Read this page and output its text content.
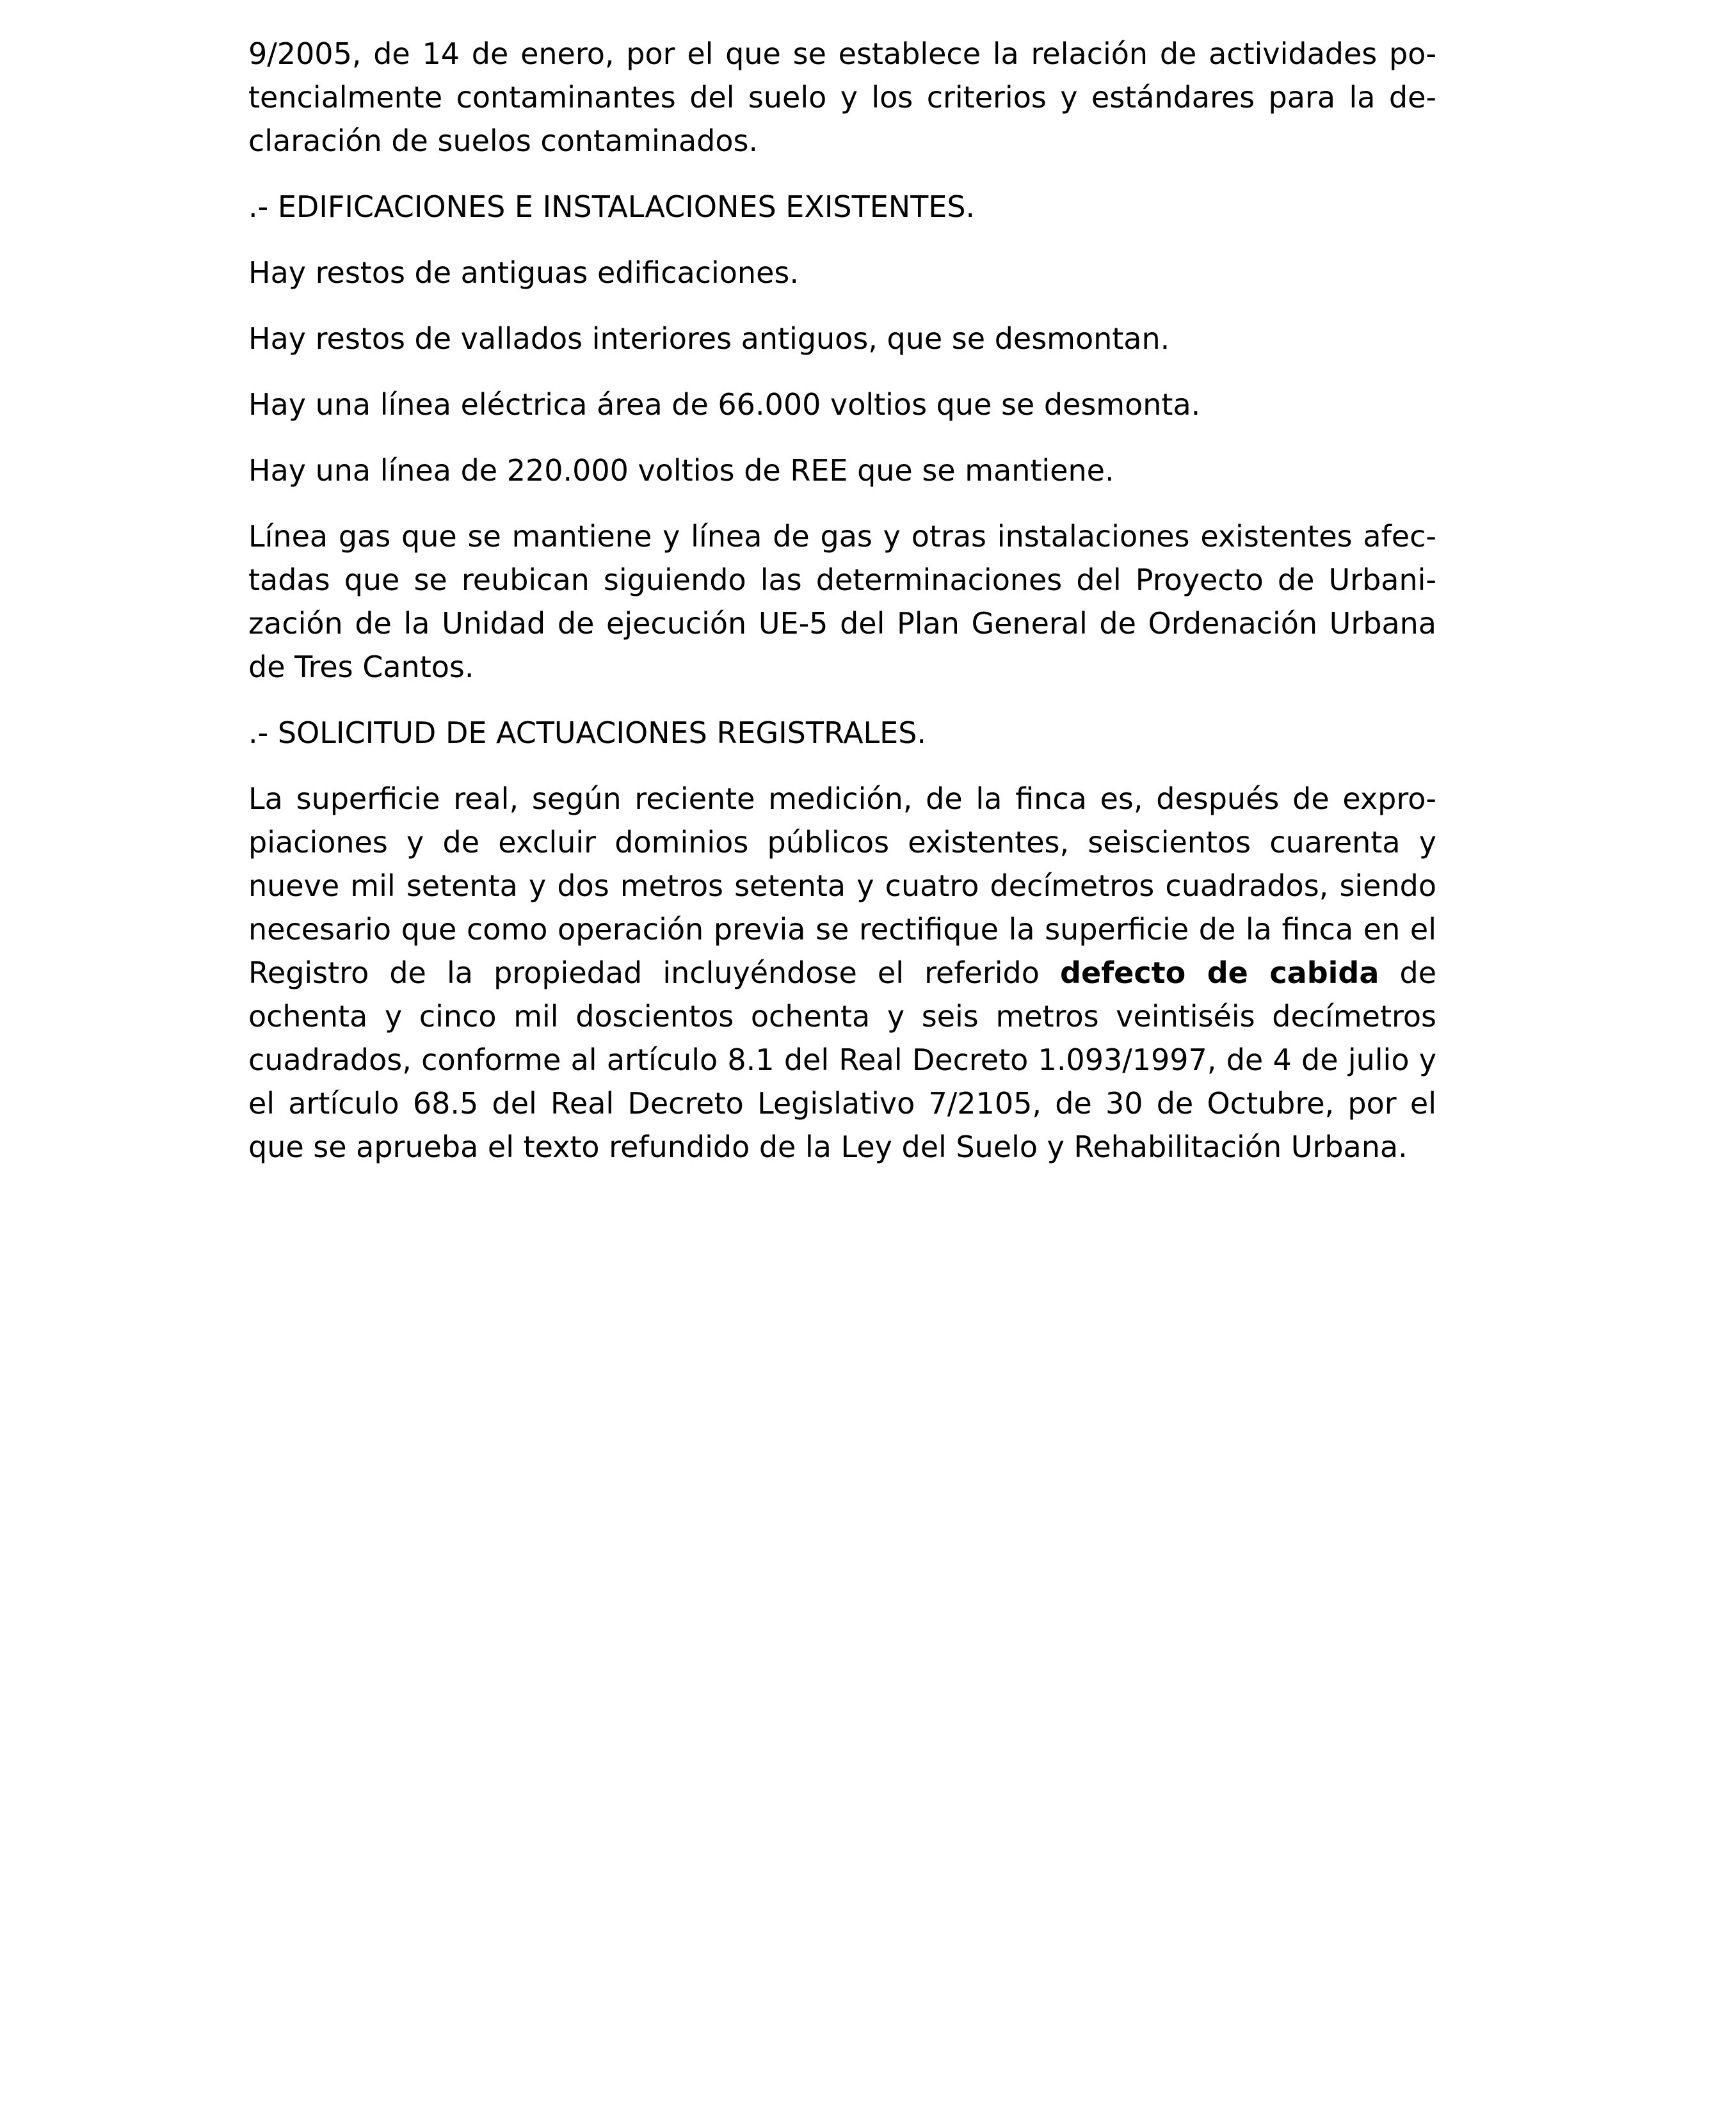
9/2005, de 14 de enero, por el que se establece la relación de actividades potencialmente contaminantes del suelo y los criterios y estándares para la declaración de suelos contaminados.

.- EDIFICACIONES E INSTALACIONES EXISTENTES.

Hay restos de antiguas edificaciones.

Hay restos de vallados interiores antiguos, que se desmontan.

Hay una línea eléctrica área de 66.000 voltios que se desmonta.

Hay una línea de 220.000 voltios de REE que se mantiene.

Línea gas que se mantiene y línea de gas y otras instalaciones existentes afectadas que se reubican siguiendo las determinaciones del Proyecto de Urbanización de la Unidad de ejecución UE-5 del Plan General de Ordenación Urbana de Tres Cantos.

.- SOLICITUD DE ACTUACIONES REGISTRALES.

La superficie real, según reciente medición, de la finca es, después de expropiaciones y de excluir dominios públicos existentes, seiscientos cuarenta y nueve mil setenta y dos metros setenta y cuatro decímetros cuadrados, siendo necesario que como operación previa se rectifique la superficie de la finca en el Registro de la propiedad incluyéndose el referido defecto de cabida de ochenta y cinco mil doscientos ochenta y seis metros veintiséis decímetros cuadrados, conforme al artículo 8.1 del Real Decreto 1.093/1997, de 4 de julio y el artículo 68.5 del Real Decreto Legislativo 7/2105, de 30 de Octubre, por el que se aprueba el texto refundido de la Ley del Suelo y Rehabilitación Urbana.
